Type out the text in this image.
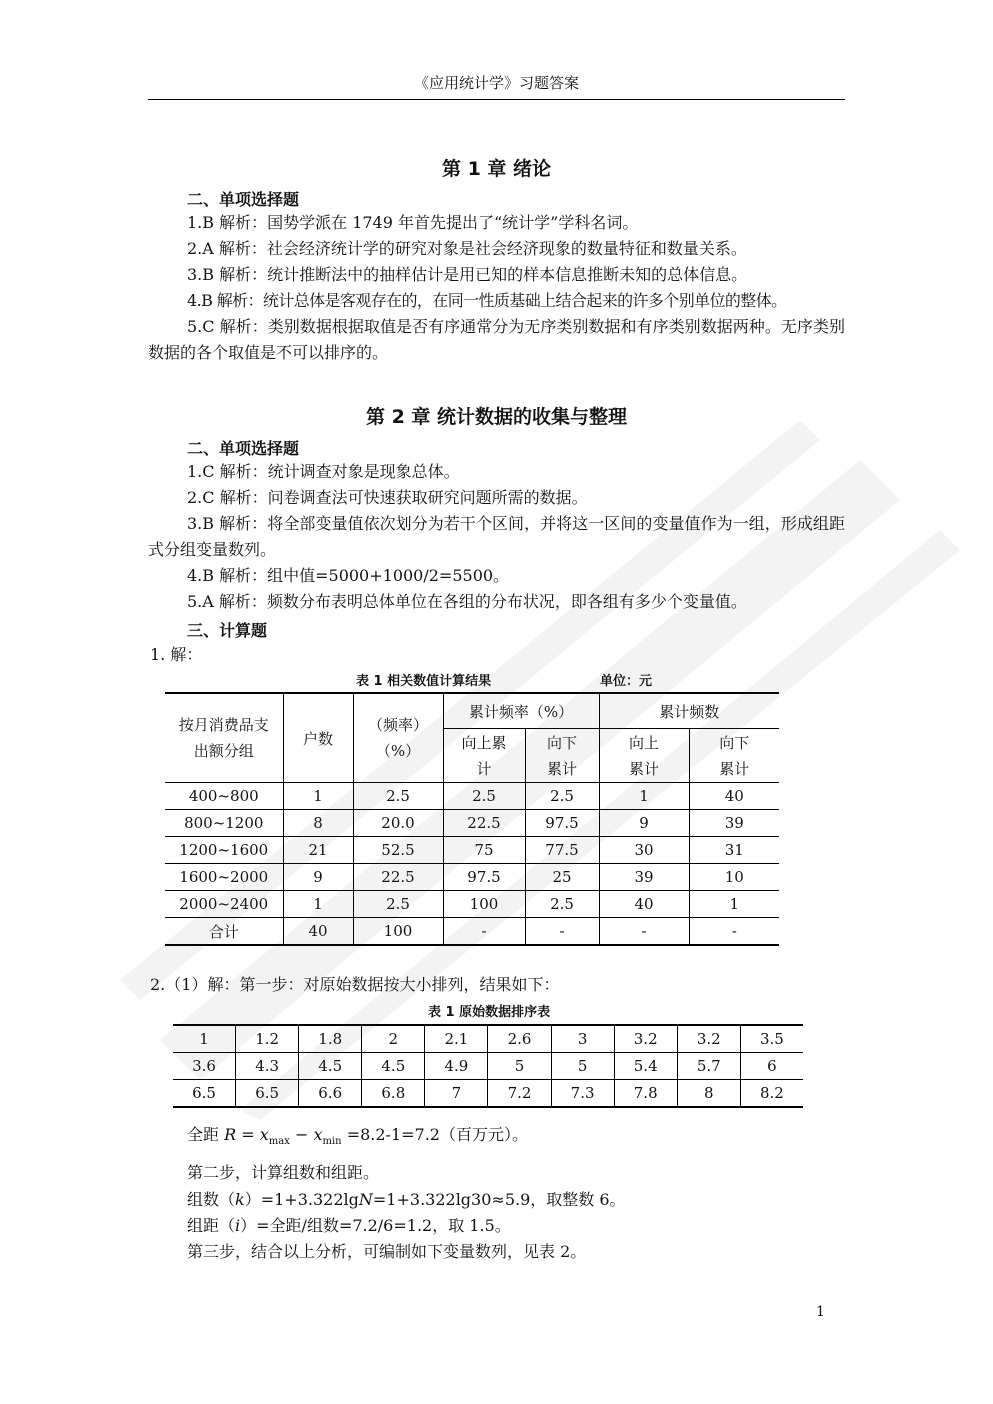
《应用统计学》习题答案
第 1 章 绪论
二、单项选择题
1.B 解析：国势学派在 1749 年首先提出了“统计学”学科名词。
2.A 解析：社会经济统计学的研究对象是社会经济现象的数量特征和数量关系。
3.B 解析：统计推断法中的抽样估计是用已知的样本信息推断未知的总体信息。
4.B 解析：统计总体是客观存在的，在同一性质基础上结合起来的许多个别单位的整体。
5.C 解析：类别数据根据取值是否有序通常分为无序类别数据和有序类别数据两种。无序类别数据的各个取值是不可以排序的。
第 2 章 统计数据的收集与整理
二、单项选择题
1.C 解析：统计调查对象是现象总体。
2.C 解析：问卷调查法可快速获取研究问题所需的数据。
3.B 解析：将全部变量值依次划分为若干个区间，并将这一区间的变量值作为一组，形成组距式分组变量数列。
4.B 解析：组中值=5000+1000/2=5500。
5.A 解析：频数分布表明总体单位在各组的分布状况，即各组有多少个变量值。
三、计算题
1. 解：
表 1 相关数值计算结果	单位：元
按月消费品支出额分组	户数	（频率）（%）	累计频率（%）		累计频数	
			向上累计	向下累计	向上累计	向下累计
400~800	1	2.5	2.5	2.5	1	40
800~1200	8	20.0	22.5	97.5	9	39
1200~1600	21	52.5	75	77.5	30	31
1600~2000	9	22.5	97.5	25	39	10
2000~2400	1	2.5	100	2.5	40	1
合计	40	100	-	-	-	-
2.（1）解：第一步：对原始数据按大小排列，结果如下：
表 1 原始数据排序表
1	1.2	1.8	2	2.1	2.6	3	3.2	3.2	3.5
3.6	4.3	4.5	4.5	4.9	5	5	5.4	5.7	6
6.5	6.5	6.6	6.8	7	7.2	7.3	7.8	8	8.2
全距 $R = x_{max} - x_{min} =8.2-1=7.2$（百万元）。
第二步，计算组数和组距。
组数（k）=1+3.322lgN=1+3.322lg30≈5.9，取整数 6。
组距（i）=全距/组数=7.2/6=1.2，取 1.5。
第三步，结合以上分析，可编制如下变量数列，见表 2。
1
